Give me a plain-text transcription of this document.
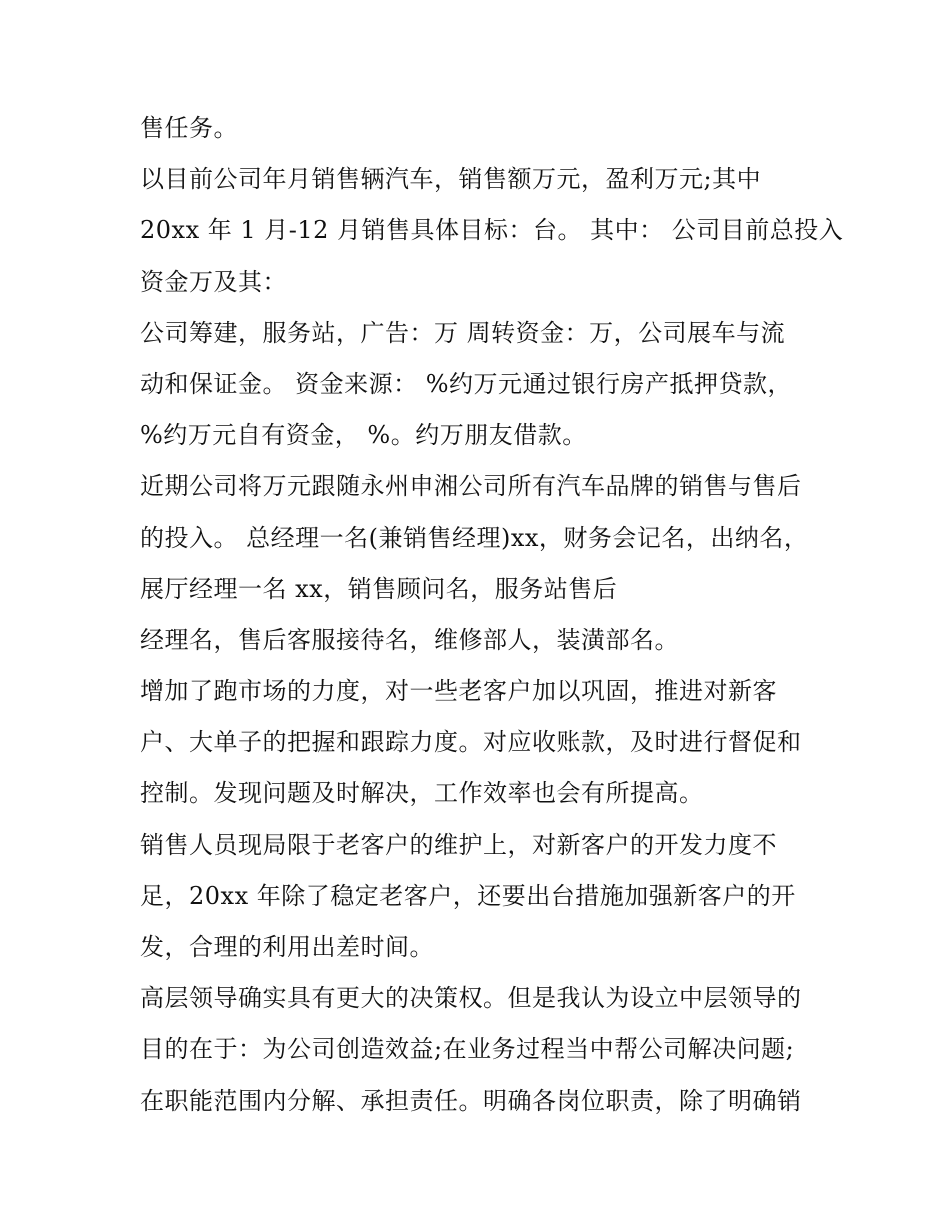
售任务。
以目前公司年月销售辆汽车，销售额万元，盈利万元;其中
20xx 年 1 月-12 月销售具体目标：台。 其中： 公司目前总投入
资金万及其：
公司筹建，服务站，广告：万 周转资金：万，公司展车与流
动和保证金。 资金来源： %约万元通过银行房产抵押贷款，
%约万元自有资金， %。约万朋友借款。
近期公司将万元跟随永州申湘公司所有汽车品牌的销售与售后
的投入。 总经理一名(兼销售经理)xx，财务会记名，出纳名，
展厅经理一名 xx，销售顾问名，服务站售后
经理名，售后客服接待名，维修部人，装潢部名。
增加了跑市场的力度，对一些老客户加以巩固，推进对新客
户、大单子的把握和跟踪力度。对应收账款，及时进行督促和
控制。发现问题及时解决，工作效率也会有所提高。
销售人员现局限于老客户的维护上，对新客户的开发力度不
足，20xx 年除了稳定老客户，还要出台措施加强新客户的开
发，合理的利用出差时间。
高层领导确实具有更大的决策权。但是我认为设立中层领导的
目的在于：为公司创造效益;在业务过程当中帮公司解决问题;
在职能范围内分解、承担责任。明确各岗位职责，除了明确销
